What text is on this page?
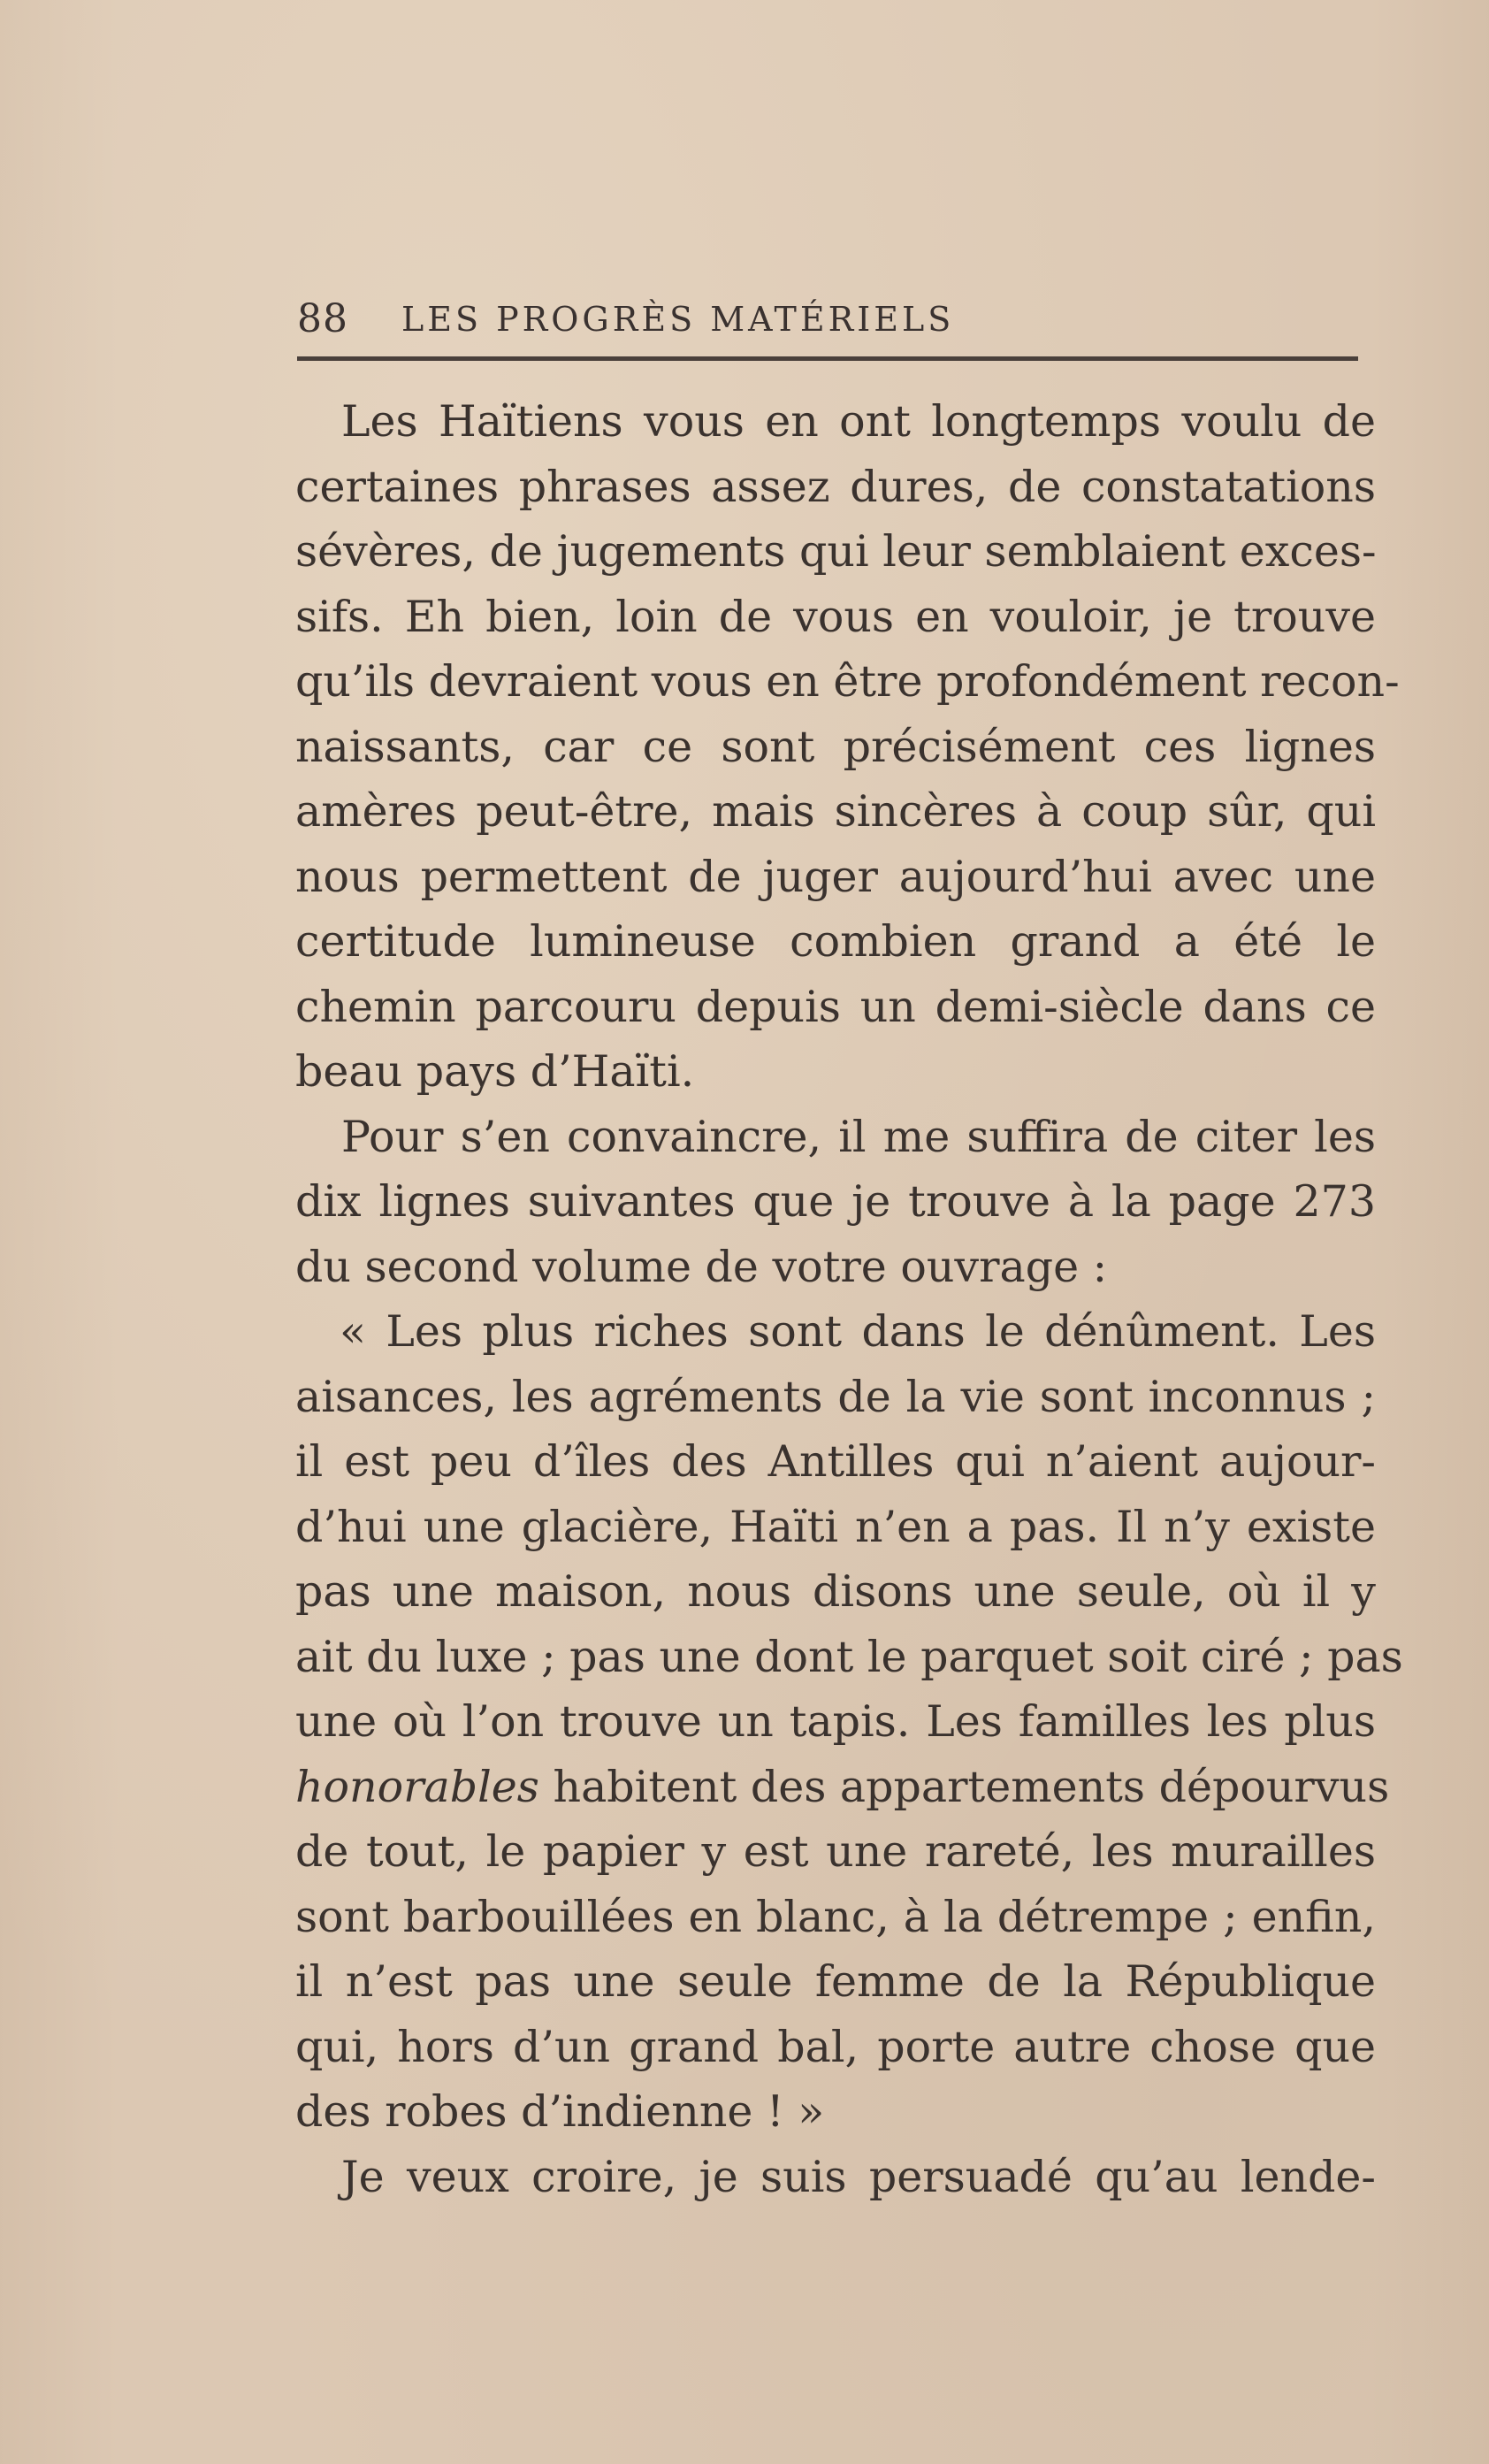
88 LES PROGRÈS MATÉRIELS
Les Haïtiens vous en ont longtemps voulu de
certaines phrases assez dures, de constatations
sévères, de jugements qui leur semblaient exces-
sifs. Eh bien, loin de vous en vouloir, je trouve
qu’ils devraient vous en être profondément recon-
naissants, car ce sont précisément ces lignes
amères peut-être, mais sincères à coup sûr, qui
nous permettent de juger aujourd’hui avec une
certitude lumineuse combien grand a été le
chemin parcouru depuis un demi-siècle dans ce
beau pays d’Haïti.
Pour s’en convaincre, il me suffira de citer les
dix lignes suivantes que je trouve à la page 273
du second volume de votre ouvrage :
« Les plus riches sont dans le dénûment. Les
aisances, les agréments de la vie sont inconnus ;
il est peu d’îles des Antilles qui n’aient aujour-
d’hui une glacière, Haïti n’en a pas. Il n’y existe
pas une maison, nous disons une seule, où il y
ait du luxe ; pas une dont le parquet soit ciré ; pas
une où l’on trouve un tapis. Les familles les plus
honorables habitent des appartements dépourvus
de tout, le papier y est une rareté, les murailles
sont barbouillées en blanc, à la détrempe ; enfin,
il n’est pas une seule femme de la République
qui, hors d’un grand bal, porte autre chose que
des robes d’indienne ! »
Je veux croire, je suis persuadé qu’au lende-
